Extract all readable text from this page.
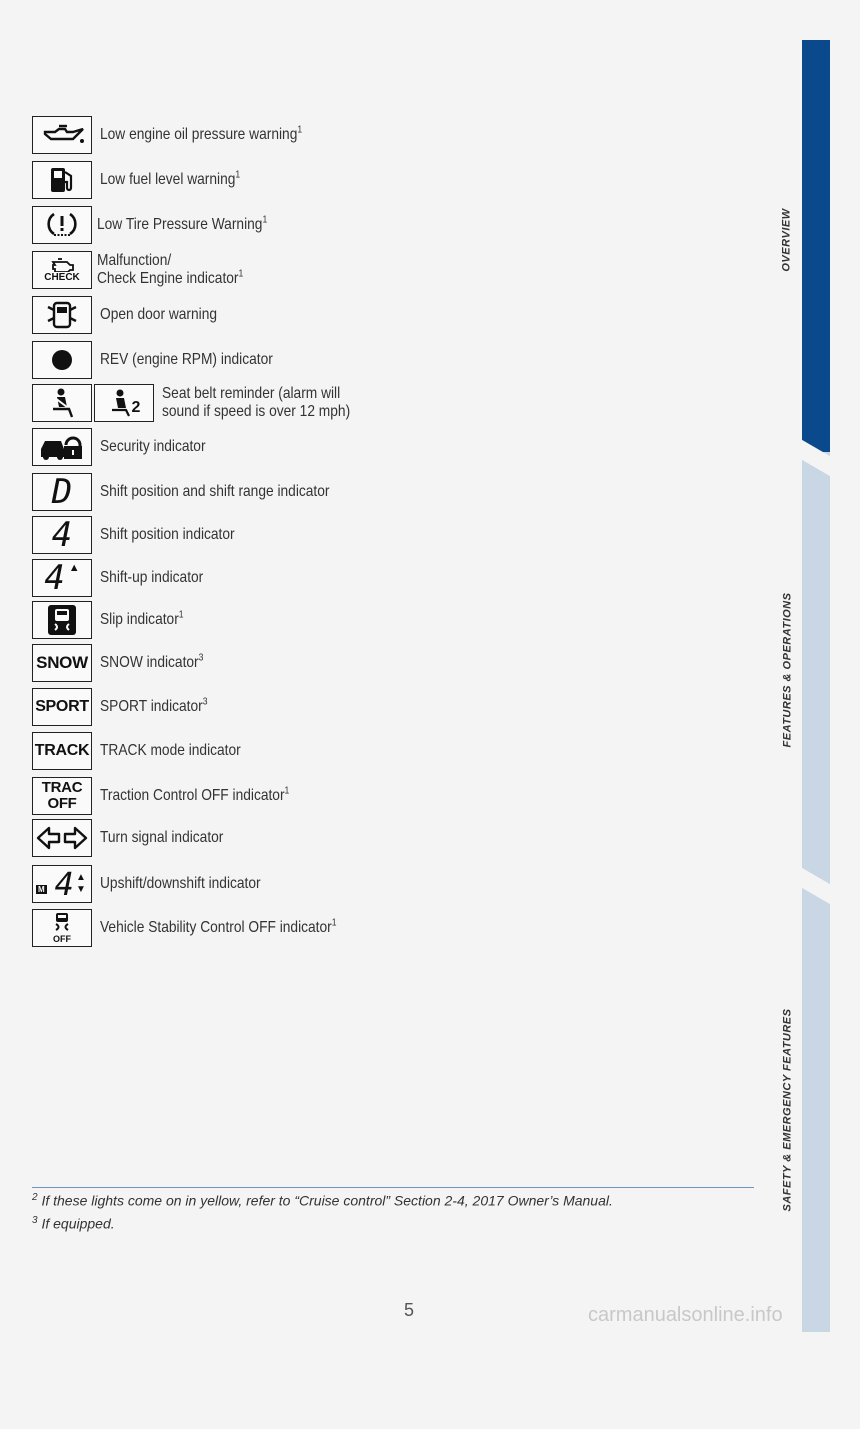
OVERVIEW
FEATURES & OPERATIONS
SAFETY & EMERGENCY FEATURES
Low engine oil pressure warning$^1$
Low fuel level warning$^1$
Low Tire Pressure Warning$^1$
CHECK
Malfunction/
Check Engine indicator$^1$
Open door warning
REV (engine RPM) indicator
2
Seat belt reminder (alarm will
sound if speed is over 12 mph)
Security indicator
D Shift position and shift range indicator
4 Shift position indicator
4 ▲
Shift-up indicator
Slip indicator$^1$
SNOW SNOW indicator$^3$
SPORT SPORT indicator$^3$
TRACK TRACK mode indicator
TRAC
OFF Traction Control OFF indicator$^1$
Turn signal indicator
M 4 ▲
▼ Upshift/downshift indicator
OFF
Vehicle Stability Control OFF indicator$^1$
$^2$ If these lights come on in yellow, refer to “Cruise control” Section 2-4, 2017 Owner’s Manual.
$^3$ If equipped.
5	carmanualsonline.info
